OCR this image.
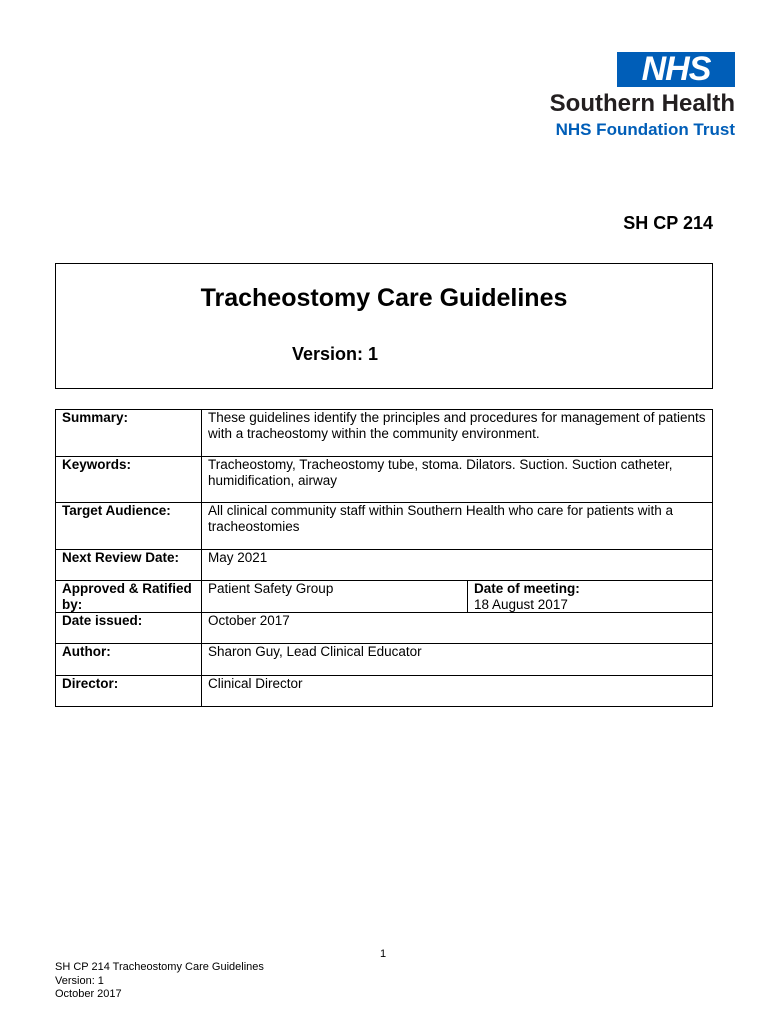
NHS
Southern Health
NHS Foundation Trust
SH CP 214
Tracheostomy Care Guidelines
Version: 1
Summary:	These guidelines identify the principles and procedures for management of patients with a tracheostomy within the community environment.	
Keywords:	Tracheostomy, Tracheostomy tube, stoma. Dilators. Suction. Suction catheter, humidification, airway	
Target Audience:	All clinical community staff within Southern Health who care for patients with a tracheostomies	
Next Review Date:	May 2021	
Approved & Ratified by:	Patient Safety Group	Date of meeting:
18 August 2017

Date issued:	October 2017	
Author:	Sharon Guy, Lead Clinical Educator	
Director:	Clinical Director	
1
SH CP 214 Tracheostomy Care Guidelines
Version: 1
October 2017
